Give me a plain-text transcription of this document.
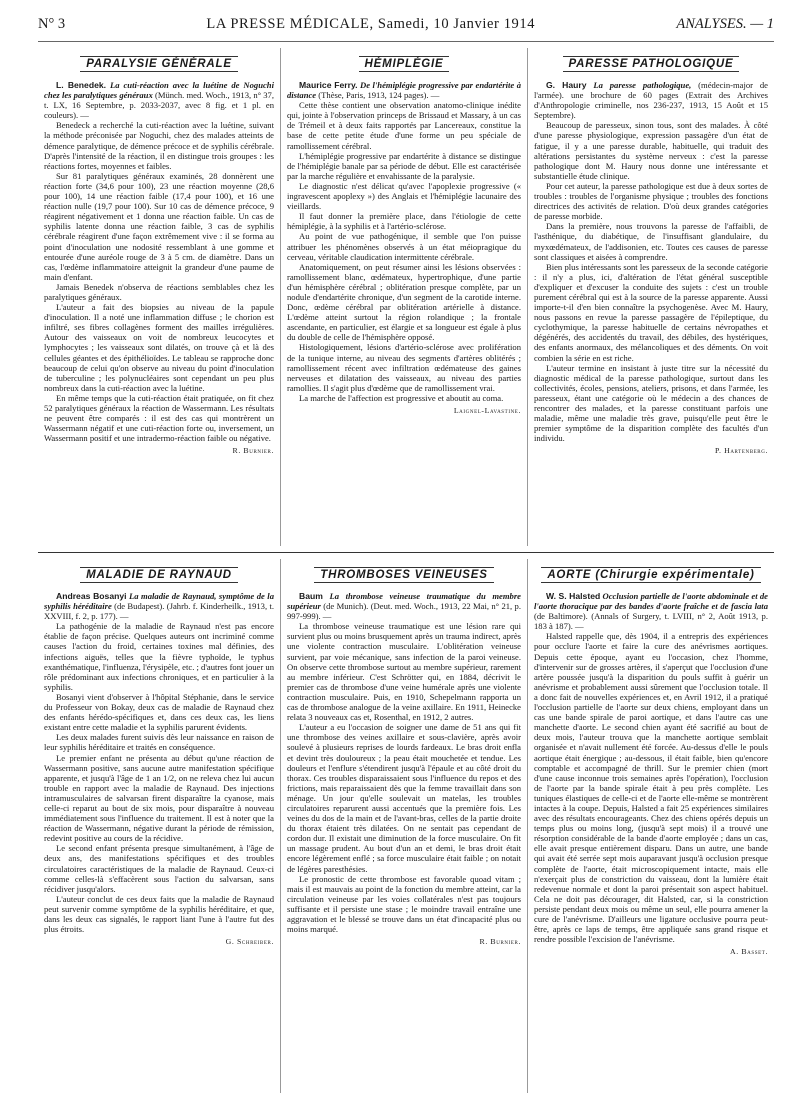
N° 3	LA PRESSE MÉDICALE, Samedi, 10 Janvier 1914	ANALYSES. — 1
PARALYSIE GÉNÉRALE

L. Benedek. La cuti-réaction avec la luétine de Noguchi chez les paralytiques généraux (Münch. med. Woch., 1913, n° 37, t. LX, 16 Septembre, p. 2033-2037, avec 8 fig. et 1 pl. en couleurs). —

Benedeck a recherché la cuti-réaction avec la luétine, suivant la méthode préconisée par Noguchi, chez des malades atteints de démence paralytique, de démence précoce et de syphilis cérébrale. D'après l'intensité de la réaction, il en distingue trois groupes : les réactions fortes, moyennes et faibles.

Sur 81 paralytiques généraux examinés, 28 donnèrent une réaction forte (34,6 pour 100), 23 une réaction moyenne (28,6 pour 100), 14 une réaction faible (17,4 pour 100), et 16 une réaction nulle (19,7 pour 100). Sur 10 cas de démence précoce, 9 réagirent négativement et 1 donna une réaction faible. Un cas de syphilis latente donna une réaction faible, 3 cas de syphilis cérébrale réagirent d'une façon extrêmement vive : il se forma au point d'inoculation une nodosité ressemblant à une gomme et entourée d'une auréole rouge de 3 à 5 cm. de diamètre. Dans un cas, l'œdème inflammatoire atteignit la grandeur d'une paume de main d'enfant.

Jamais Benedek n'observa de réactions semblables chez les paralytiques généraux.

L'auteur a fait des biopsies au niveau de la papule d'inoculation. Il a noté une inflammation diffuse ; le chorion est infiltré, ses fibres collagènes forment des mailles irrégulières. Autour des vaisseaux on voit de nombreux leucocytes et lymphocytes ; les vaisseaux sont dilatés, on trouve çà et là des cellules géantes et des épithélioïdes. Le tableau se rapproche donc beaucoup de celui qu'on observe au niveau du point d'inoculation de tuberculine ; les polynucléaires sont cependant un peu plus nombreux dans la cuti-réaction avec la luétine.

En même temps que la cuti-réaction était pratiquée, on fit chez 52 paralytiques généraux la réaction de Wassermann. Les résultats ne peuvent être comparés : il est des cas qui montrèrent un Wassermann négatif et une cuti-réaction forte ou, inversement, un Wassermann positif et une intradermo-réaction faible ou négative.

R. Burnier.
HÉMIPLÉGIE

Maurice Ferry. De l'hémiplégie progressive par endartérite à distance (Thèse, Paris, 1913, 124 pages). —

Cette thèse contient une observation anatomo-clinique inédite qui, jointe à l'observation princeps de Brissaud et Massary, à un cas de Trémeil et à deux faits rapportés par Lancereaux, constitue la base de cette petite étude d'une forme un peu spéciale de ramollissement cérébral.

L'hémiplégie progressive par endartérite à distance se distingue de l'hémiplégie banale par sa période de début. Elle est caractérisée par la marche régulière et envahissante de la paralysie.

Le diagnostic n'est délicat qu'avec l'apoplexie progressive (« ingravescent apoplexy ») des Anglais et l'hémiplégie lacunaire des vieillards.

Il faut donner la première place, dans l'étiologie de cette hémiplégie, à la syphilis et à l'artério-sclérose.

Au point de vue pathogénique, il semble que l'on puisse attribuer les phénomènes observés à un état méiopragique du cerveau, véritable claudication intermittente cérébrale.

Anatomiquement, on peut résumer ainsi les lésions observées : ramollissement blanc, œdémateux, hypertrophique, d'une partie d'un hémisphère cérébral ; oblitération presque complète, par un nodule d'endartérite chronique, d'un segment de la carotide interne. Donc, œdème cérébral par oblitération artérielle à distance. L'œdème atteint surtout la région rolandique ; la frontale ascendante, en particulier, est élargie et sa longueur est égale à plus du double de celle de l'hémisphère opposé.

Histologiquement, lésions d'artério-sclérose avec prolifération de la tunique interne, au niveau des segments d'artères oblitérés ; ramollissement récent avec infiltration œdémateuse des gaines nerveuses et dilatation des vaisseaux, au niveau des parties ramollies. Il s'agit plus d'œdème que de ramollissement vrai.

La marche de l'affection est progressive et aboutit au coma.

Laignel-Lavastine.
PARESSE PATHOLOGIQUE

G. Haury La paresse pathologique, (médecin-major de l'armée). une brochure de 60 pages (Extrait des Archives d'Anthropologie criminelle, nos 236-237, 1913, 15 Août et 15 Septembre).

Beaucoup de paresseux, sinon tous, sont des malades. À côté d'une paresse physiologique, expression passagère d'un état de fatigue, il y a une paresse durable, habituelle, qui traduit des altérations persistantes du système nerveux : c'est la paresse pathologique dont M. Haury nous donne une intéressante et substantielle étude clinique.

Pour cet auteur, la paresse pathologique est due à deux sortes de troubles : troubles de l'organisme physique ; troubles des fonctions directrices des activités de relation. D'où deux grandes catégories de paresse morbide.

Dans la première, nous trouvons la paresse de l'affaibli, de l'asthénique, du diabétique, de l'insuffisant glandulaire, du myxœdémateux, de l'addisonien, etc. Toutes ces causes de paresse sont classiques et aisées à comprendre.

Bien plus intéressants sont les paresseux de la seconde catégorie : il n'y a plus, ici, d'altération de l'état général susceptible d'expliquer et d'excuser la conduite des sujets : c'est un trouble purement cérébral qui est à la source de la paresse apparente. Aussi importe-t-il d'en bien connaître la psychogenèse. Avec M. Haury, nous passons en revue la paresse passagère de l'épileptique, du cyclothymique, la paresse habituelle de certains névropathes et dégénérés, des accidentés du travail, des débiles, des hystériques, des enfants anormaux, des mélancoliques et des déments. On voit combien la série en est riche.

L'auteur termine en insistant à juste titre sur la nécessité du diagnostic médical de la paresse pathologique, surtout dans les collectivités, écoles, pensions, ateliers, prisons, et dans l'armée, les paresseux, étant une catégorie où le médecin a des chances de rencontrer des malades, et la paresse constituant parfois une maladie, même une maladie très grave, puisqu'elle peut être le premier symptôme de la disparition complète des facultés d'un individu.

P. Hartenberg.
MALADIE DE RAYNAUD

Andreas Bosanyi La maladie de Raynaud, symptôme de la syphilis héréditaire (de Budapest). (Jahrb. f. Kinderheilk., 1913, t. XXVIII, f. 2, p. 177). —

La pathogénie de la maladie de Raynaud n'est pas encore établie de façon précise. Quelques auteurs ont incriminé comme causes l'action du froid, certaines toxines mal définies, des infections aiguës, telles que la fièvre typhoïde, le typhus exanthématique, l'influenza, l'érysipèle, etc. ; d'autres font jouer un rôle prédominant aux infections chroniques, et en particulier à la syphilis.

Bosanyi vient d'observer à l'hôpital Stéphanie, dans le service du Professeur von Bokay, deux cas de maladie de Raynaud chez des enfants hérédo-spécifiques et, dans ces deux cas, les liens existant entre cette maladie et la syphilis parurent évidents.

Les deux malades furent suivis dès leur naissance en raison de leur syphilis héréditaire et traités en conséquence.

Le premier enfant ne présenta au début qu'une réaction de Wassermann positive, sans aucune autre manifestation spécifique apparente, et jusqu'à l'âge de 1 an 1/2, on ne releva chez lui aucun trouble en rapport avec la maladie de Raynaud. Des injections intramusculaires de salvarsan firent disparaître la cyanose, mais celle-ci reparut au bout de six mois, pour disparaître à nouveau immédiatement sous l'influence du traitement. Il est à noter que la réaction de Wassermann, négative durant la période de rémission, redevint positive au cours de la récidive.

Le second enfant présenta presque simultanément, à l'âge de deux ans, des manifestations spécifiques et des troubles circulatoires caractéristiques de la maladie de Raynaud. Ceux-ci comme celles-là s'effacèrent sous l'action du salvarsan, sans récidiver jusqu'alors.

L'auteur conclut de ces deux faits que la maladie de Raynaud peut survenir comme symptôme de la syphilis héréditaire, et que, dans les deux cas signalés, le rapport liant l'une à l'autre fut des plus étroits.

G. Schreiber.
THROMBOSES VEINEUSES

Baum La thrombose veineuse traumatique du membre supérieur (de Munich). (Deut. med. Woch., 1913, 22 Mai, n° 21, p. 997-999). —

La thrombose veineuse traumatique est une lésion rare qui survient plus ou moins brusquement après un trauma indirect, après une violente contraction musculaire. L'oblitération veineuse survient, par voie mécanique, sans infection de la paroi veineuse. On observe cette thrombose surtout au membre supérieur, rarement au membre inférieur. C'est Schrötter qui, en 1884, décrivit le premier cas de thrombose d'une veine humérale après une violente contraction musculaire. Puis, en 1910, Schepelmann rapporta un cas de thrombose analogue de la veine axillaire. En 1911, Heinecke relata 3 nouveaux cas et, Rosenthal, en 1912, 2 autres.

L'auteur a eu l'occasion de soigner une dame de 51 ans qui fit une thrombose des veines axillaire et sous-clavière, après avoir soulevé à plusieurs reprises de lourds fardeaux. Le bras droit enfla et devint très douloureux ; la peau était mouchetée et tendue. Les douleurs et l'enflure s'étendirent jusqu'à l'épaule et au côté droit du thorax. Ces troubles disparaissaient sous l'influence du repos et des frictions, mais reparaissaient dès que la femme travaillait dans son ménage. Un jour qu'elle soulevait un matelas, les troubles circulatoires reparurent aussi accentués que la première fois. Les veines du dos de la main et de l'avant-bras, celles de la partie droite du thorax étaient très dilatées. On ne sentait pas cependant de cordon dur. Il existait une diminution de la force musculaire. On fit un massage prudent. Au bout d'un an et demi, le bras droit était encore légèrement enflé ; sa force musculaire était faible ; on notait de légères paresthésies.

Le pronostic de cette thrombose est favorable quoad vitam ; mais il est mauvais au point de la fonction du membre atteint, car la circulation veineuse par les voies collatérales n'est pas toujours suffisante et il persiste une stase ; le moindre travail entraîne une aggravation et le blessé se trouve dans un état d'incapacité plus ou moins marqué.

R. Burnier.
AORTE (Chirurgie expérimentale)

W. S. Halsted Occlusion partielle de l'aorte abdominale et de l'aorte thoracique par des bandes d'aorte fraîche et de fascia lata (de Baltimore). (Annals of Surgery, t. LVIII, n° 2, Août 1913, p. 183 à 187). —

Halsted rappelle que, dès 1904, il a entrepris des expériences pour occlure l'aorte et faire la cure des anévrismes aortiques. Depuis cette époque, ayant eu l'occasion, chez l'homme, d'intervenir sur de grosses artères, il s'aperçut que l'occlusion d'une artère poussée jusqu'à la disparition du pouls suffit à guérir un anévrisme et probablement aussi sûrement que l'occlusion totale. Il a donc fait de nouvelles expériences et, en Avril 1912, il a pratiqué l'occlusion partielle de l'aorte sur deux chiens, employant dans un cas une bande spirale de paroi aortique, et dans l'autre cas une manchette d'aorte. Le second chien ayant été sacrifié au bout de deux mois, l'auteur trouva que la manchette aortique semblait organisée et n'avait nullement été forcée. Au-dessus d'elle le pouls aortique était énergique ; au-dessous, il était faible, bien qu'encore comptable et accompagné de thrill. Sur le premier chien (mort d'une cause inconnue trois semaines après l'opération), l'occlusion de l'aorte par la bande spirale était à peu près complète. Les tuniques élastiques de celle-ci et de l'aorte elle-même se montrèrent intactes à la coupe. Depuis, Halsted a fait 25 expériences similaires avec des résultats encourageants. Chez des chiens opérés depuis un temps plus ou moins long, (jusqu'à sept mois) il a trouvé une résorption considérable de la bande d'aorte employée ; dans un cas, elle avait presque entièrement disparu. Dans un autre, une bande qui avait été serrée sept mois auparavant jusqu'à occlusion presque complète de l'aorte, était microscopiquement intacte, mais elle n'exerçait plus de constriction du vaisseau, dont la lumière était redevenue normale et dont la paroi présentait son aspect habituel. Cela ne doit pas décourager, dit Halsted, car, si la constriction persiste pendant deux mois ou même un seul, elle pourra amener la cure de l'anévrisme. D'ailleurs une ligature occlusive pourra peut-être, après ce laps de temps, être appliquée sans grand risque et rendre possible l'excision de l'anévrisme.

A. Basset.
